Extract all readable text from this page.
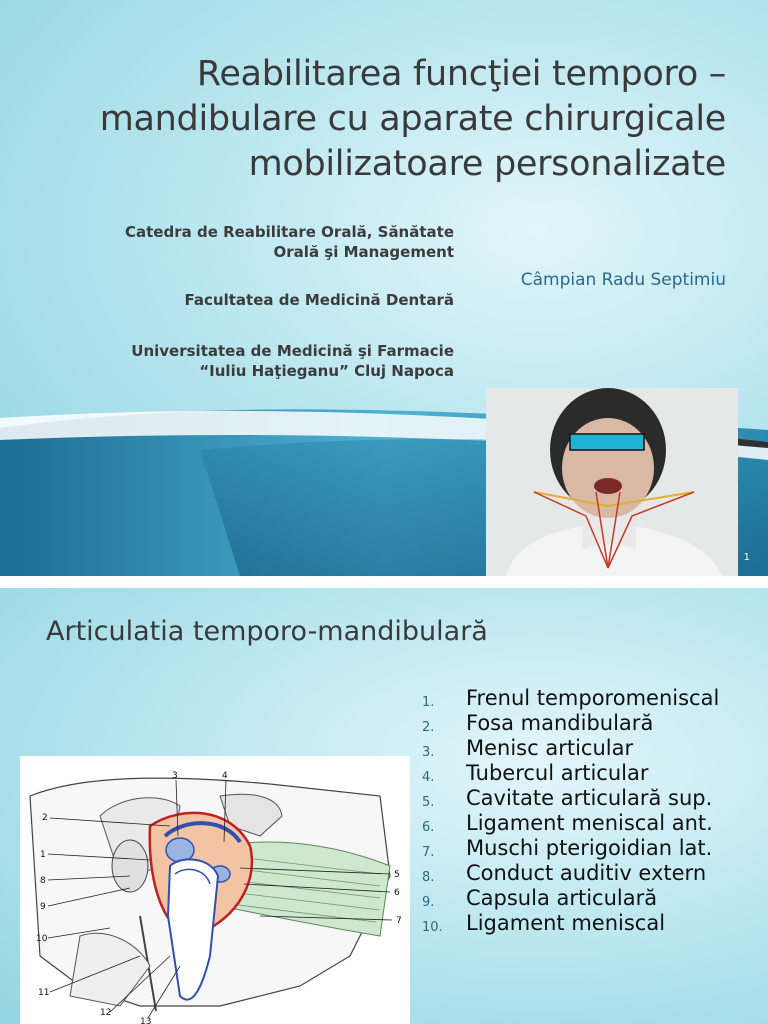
Reabilitarea funcţiei temporo – mandibulare cu aparate chirurgicale mobilizatoare personalizate
Catedra de Reabilitare Orală, Sănătate
Orală şi Management
Facultatea de Medicină Dentară
Universitatea de Medicină şi Farmacie
“Iuliu Haţieganu” Cluj Napoca
Câmpian Radu Septimiu
1
Articulatia temporo-mandibulară
2
1
8
9
10
11
12
13
3	4
5
6
7
1. Frenul temporomeniscal
2. Fosa mandibulară
3. Menisc articular
4. Tubercul articular
5. Cavitate articulară sup.
6. Ligament meniscal ant.
7. Muschi pterigoidian lat.
8. Conduct auditiv extern
9. Capsula articulară
10. Ligament meniscal
